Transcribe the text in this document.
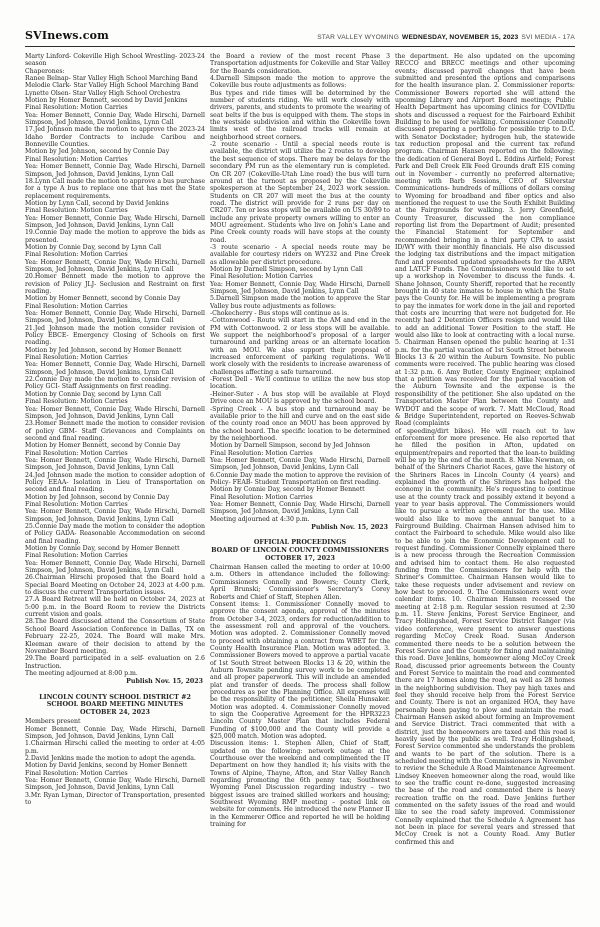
SVInews.com	STAR VALLEY WYOMING WEDNESDAY, NOVEMBER 15, 2023 SVI MEDIA - 17A

Marty Linford- Cokeville High School Wrestling- 2023-24 season

Chaperones:

Ranee Belnap- Star Valley High School Marching Band

Melodie Clark- Star Valley High School Marching Band

Lynette Olsen- Star Valley High School Orchestra

Motion by Homer Bennett, second by David Jenkins

Final Resolution: Motion Carries

Yea: Homer Bennett, Connie Day, Wade Hirschi, Darnell Simpson, Jed Johnson, David Jenkins, Lynn Call

17.Jed Johnson made the motion to approve the 2023-24 Idaho Border Contracts to include Caribou and Bonneville Counties.

Motion by Jed Johnson, second by Connie Day

Final Resolution: Motion Carries

Yea: Homer Bennett, Connie Day, Wade Hirschi, Darnell Simpson, Jed Johnson, David Jenkins, Lynn Call

18.Lynn Call made the motion to approve a bus purchase for a type A bus to replace one that has met the State replacement requirements.

Motion by Lynn Call, second by David Jenkins

Final Resolution: Motion Carries

Yea: Homer Bennett, Connie Day, Wade Hirschi, Darnell Simpson, Jed Johnson, David Jenkins, Lynn Call

19.Connie Day made the motion to approve the bids as presented.

Motion by Connie Day, second by Lynn Call

Final Resolution: Motion Carries

Yea: Homer Bennett, Connie Day, Wade Hirschi, Darnell Simpson, Jed Johnson, David Jenkins, Lynn Call

20.Homer Bennett made the motion to approve the revision of Policy JLJ- Seclusion and Restraint on first reading.

Motion by Homer Bennett, second by Connie Day

Final Resolution: Motion Carries

Yea: Homer Bennett, Connie Day, Wade Hirschi, Darnell Simpson, Jed Johnson, David Jenkins, Lynn Call

21.Jed Johnson made the motion consider revision of Policy EBCE- Emergency Closing of Schools on first reading.

Motion by Jed Johnson, second by Homer Bennett

Final Resolution: Motion Carries

Yea: Homer Bennett, Connie Day, Wade Hirschi, Darnell Simpson, Jed Johnson, David Jenkins, Lynn Call

22.Connie Day made the motion to consider revision of Policy GCI- Staff Assignments on first reading.

Motion by Connie Day, second by Lynn Call

Final Resolution: Motion Carries

Yea: Homer Bennett, Connie Day, Wade Hirschi, Darnell Simpson, Jed Johnson, David Jenkins, Lynn Call

23.Homer Bennett made the motion to consider revision of policy GBM- Staff Grievances and Complaints on second and final reading.

Motion by Homer Bennett, second by Connie Day

Final Resolution: Motion Carries

Yea: Homer Bennett, Connie Day, Wade Hirschi, Darnell Simpson, Jed Johnson, David Jenkins, Lynn Call

24.Jed Johnson made the motion to consider adoption of Policy EEAA- Isolation in Lieu of Transportation on second and final reading.

Motion by Jed Johnson, second by Connie Day

Final Resolution: Motion Carries

Yea: Homer Bennett, Connie Day, Wade Hirschi, Darnell Simpson, Jed Johnson, David Jenkins, Lynn Call

25.Connie Day made the motion to consider the adoption of Policy GADA- Reasonable Accommodation on second and final reading.

Motion by Connie Day, second by Homer Bennett

Final Resolution: Motion Carries

Yea: Homer Bennett, Connie Day, Wade Hirschi, Darnell Simpson, Jed Johnson, David Jenkins, Lynn Call

26.Chairman Hirschi proposed that the Board hold a Special Board Meeting on October 24, 2023 at 4:00 p.m. to discuss the current Transportation issues.

27.A Board Retreat will be held on October 24, 2023 at 5:00 p.m. in the Board Room to review the Districts current vision and goals.

28.The Board discussed attend the Consortium of State School Board Association Conference in Dallas, TX on February 22-25, 2024. The Board will make Mrs. Kleeman aware of their decision to attend by the November Board meeting.

29.The Board participated in a self- evaluation on 2.6 Instruction.

The meeting adjourned at 8:00 p.m.

Publish Nov. 15, 2023

LINCOLN COUNTY SCHOOL DISTRICT #2
SCHOOL BOARD MEETING MINUTES
OCTOBER 24, 2023

Members present

Homer Bennett, Connie Day, Wade Hirschi, Darnell Simpson, Jed Johnson, David Jenkins, Lynn Call

1.Chairman Hirschi called the meeting to order at 4:05 p.m.

2.David Jenkins made the motion to adopt the agenda.

Motion by David Jenkins, second by Homer Bennett

Final Resolution: Motion Carries

Yea: Homer Bennett, Connie Day, Wade Hirschi, Darnell Simpson, Jed Johnson, David Jenkins, Lynn Call

3.Mr. Ryan Lyman, Director of Transportation, presented to

the Board a review of the most recent Phase 3 Transportation adjustments for Cokeville and Star Valley for the Boards consideration.

4.Darnell Simpson made the motion to approve the Cokeville bus route adjustments as follows:

Bus types and ride times will be determined by the number of students riding. We will work closely with drivers, parents, and students to promote the wearing of seat belts if the bus is equipped with them. The stops in the westside subdivision and within the Cokeville town limits west of the railroad tracks will remain at neighborhood street corners.

-2 route scenario - Until a special needs route is available, the district will utilize the 2 routes to develop the best sequence of stops. There may be delays for the secondary PM run as the elementary run is completed. On CR 207 (Cokeville-Utah Line road) the bus will turn around at the turnout as proposed by the Cokeville spokesperson at the September 24, 2023 work session. Students on CR 207 will meet the bus at the county road. The district will provide for 2 runs per day on CR207. Ten or less stops will be available on US 30/89 to include any private property owners willing to enter an MOU agreement. Students who live on John's Lane and Pine Creek county roads will have stops at the county road.

-3 route scenario - A special needs route may be available for courtesy riders on WY232 and Pine Creek as allowable per district procedure.

Motion by Darnell Simpson, second by Lynn Call

Final Resolution: Motion Carries

Yea: Homer Bennett, Connie Day, Wade Hirschi, Darnell Simpson, Jed Johnson, David Jenkins, Lynn Call

5.Darnell Simpson made the motion to approve the Star Valley bus route adjustments as follows:

-Chokecherry - Bus stops will continue as is.

-Cottonwood - Route will start in the AM and end in the PM with Cottonwood. 2 or less stops will be available. We support the neighborhood's proposal of a larger turnaround and parking areas or an alternate location with an MOU. We also support their proposal of increased enforcement of parking regulations. We'll work closely with the residents to increase awareness of challenges affecting a safe turnaround.

-Forest Dell - We'll continue to utilize the new bus stop location.

-Heiner-Suter - A bus stop will be available at Floyd Drive once an MOU is approved by the school board.

-Spring Creek - A bus stop and turnaround may be available prior to the hill and curve and on the east side of the county road once an MOU has been approved by the school board. The specific location to be determined by the neighborhood.

Motion by Darnell Simpson, second by Jed Johnson

Final Resolution: Motion Carries

Yea: Homer Bennett, Connie Day, Wade Hirschi, Darnell Simpson, Jed Johnson, David Jenkins, Lynn Call

6.Connie Day made the motion to approve the revision of Policy- FEAB- Student Transportation on first reading.

Motion by Connie Day, second by Homer Bennett

Final Resolution: Motion Carries

Yea: Homer Bennett, Connie Day, Wade Hirschi, Darnell Simpson, Jed Johnson, David Jenkins, Lynn Call

Meeting adjourned at 4:30 p.m.

Publish Nov. 15, 2023

OFFICIAL PROCEEDINGS
BOARD OF LINCOLN COUNTY COMMISSIONERS
OCTOBER 17, 2023

Chairman Hansen called the meeting to order at 10:00 a.m. Others in attendance included the following: Commissioners Connelly and Bowers; County Clerk, April Brunski; Commissioner's Secretary's Corey Roberts and Chief of Staff, Stephen Allen.

Consent items: 1. Commissioner Connelly moved to approve the consent agenda, approval of the minutes from October 3-4, 2023, orders for reduction/addition to the assessment roll and approval of the vouchers. Motion was adopted. 2. Commissioner Connelly moved to proceed with obtaining a contract from WBET for the County Health Insurance Plan. Motion was adopted. 3. Commissioner Bowers moved to approve a partial vacate of 1st South Street between Blocks 13 & 20, within the Auburn Townsite pending survey work to be completed and all proper paperwork. This will include an amended plat and transfer of deeds. The process shall follow procedures as per the Planning Office. All expenses will be the responsibility of the petitioner, Sheila Hunsaker. Motion was adopted. 4. Commissioner Connelly moved to sign the Cooperative Agreement for the HPR3223 Lincoln County Master Plan that includes Federal Funding of $100,000 and the County will provide a $25,000 match. Motion was adopted.

Discussion items: 1. Stephen Allen, Chief of Staff, updated on the following: network outage at the Courthouse over the weekend and complimented the IT Department on how they handled it; his visits with the Towns of Alpine, Thayne, Afton, and Star Valley Ranch regarding promoting the 6th penny tax; Southwest Wyoming Panel Discussion regarding industry – two biggest issues are trained skilled workers and housing; Southwest Wyoming RMP meeting – posted link on website for comments. He introduced the new Planner II in the Kemmerer Office and reported he will be holding training for

the department. He also updated on the upcoming RECCO and BRECC meetings and other upcoming events; discussed payroll changes that have been submitted and presented the options and comparisons for the health insurance plan. 2. Commissioner reports: Commissioner Bowers reported she will attend the upcoming Library and Airport Board meetings; Public Health Department has upcoming clinics for COVID/flu shots and discussed a request for the Fairboard Exhibit Building to be used for walking. Commissioner Connolly discussed preparing a portfolio for possible trip to D.C. with Senator Dockstader; hydrogen hub, the statewide tax reduction proposal and the current tax refund program. Chairman Hansen reported on the following: the dedication of General Boyd L. Eddins Airfield; Forest Park and Dell Creek Elk Feed Grounds draft EIS coming out in November - currently no preferred alternative; meeting with Barb Sessions, CEO of Silverstar Communications- hundreds of millions of dollars coming to Wyoming for broadband and fiber optics and also mentioned the request to use the South Exhibit Building at the Fairgrounds for walking. 3. Jerry Greenfield, County Treasurer, discussed the non compliance reporting list from the Department of Audit; presented the Financial Statement for September and recommended bringing in a third party CPA to assist ID/WY with their monthly financials. He also discussed the lodging tax distributions and the impact mitigation fund and presented updated spreadsheets for the ARPA and LATCF Funds. The Commissioners would like to set up a workshop in November to discuss the funds. 4. Shane Johnson, County Sheriff, reported that he recently brought in 40 state inmates to house in which the State pays the County for. He will be implementing a program to pay the inmates for work done in the jail and reported that costs are incurring that were not budgeted for. He recently had 2 Detention Officers resign and would like to add an additional Tower Position to the staff. He would also like to look at contracting with a local nurse. 5. Chairman Hansen opened the public hearing at 1:31 p.m. for the partial vacation of 1st South Street between Blocks 13 & 20 within the Auburn Townsite. No public comments were received. The public hearing was closed at 1:32 p.m. 6. Amy Butler, County Engineer, explained that a petition was received for the partial vacation of the Auburn Townsite and the expense is the responsibility of the petitioner. She also updated on the Transportation Master Plan between the County and WYDOT and the scope of work. 7. Matt McCloud, Road & Bridge Superintendent, reported on Reeves-Schwab Road (complaints

of speeding/dirt bikes). He will reach out to law enforcement for more presence. He also reported that he filled the position in Afton, updated on equipment/repairs and reported that the lean-to building will be up by the end of the month. 8. Mike Newman, on behalf of the Shriners Chariot Races, gave the history of the Shriners Races in Lincoln County (4 years) and explained the growth of the Shriners has helped the economy in the community. He's requesting to continue use at the county track and possibly extend it beyond a year to year basis approval. The Commissioners would like to pursue a written agreement for the use. Mike would also like to move the annual banquet to a Fairground Building. Chairman Hansen advised him to contact the Fairboard to schedule. Mike would also like to be able to join the Economic Development call to request funding. Commissioner Connelly explained there is a new process through the Recreation Commission and advised him to contact them. He also requested funding from the Commissioners for help with the Shriner's Committee. Chairman Hansen would like to take these requests under advisement and review on how best to proceed. 9. The Commissioners went over calendar items. 10. Chairman Hansen recessed the meeting at 2:18 p.m. Regular session resumed at 2:30 p.m. 11. Steve Jenkins, Forest Service Engineer, and Tracy Hollingshead, Forest Service District Ranger (via video conference, were present to answer questions regarding McCoy Creek Road. Susan Anderson commented there needs to be a solution between the Forest Service and the County for fixing and maintaining this road. Dave Jenkins, homeowner along McCoy Creek Road, discussed prior agreements between the County and Forest Service to maintain the road and commented there are 17 homes along the road, as well as 28 homes in the neighboring subdivision. They pay high taxes and feel they should receive help from the Forest Service and County. There is not an organized HOA, they have personally been paying to plow and maintain the road. Chairman Hansen asked about forming an Improvement and Service District. Traci commented that with a district, just the homeowners are taxed and this road is heavily used by the public as well. Tracy Hollingshead, Forest Service commented she understands the problem and wants to be part of the solution. There is a scheduled meeting with the Commissioners in November to review the Schedule A Road Maintenance Agreement. Lindsey Kneeven homeowner along the road, would like to see the traffic count re-done, suggested increasing the base of the road and commented there is heavy recreation traffic on the road. Dave Jenkins further commented on the safety issues of the road and would like to see the road safety improved. Commissioner Connelly explained that the Schedule A Agreement has not been in place for several years and stressed that McCoy Creek is not a County Road. Amy Butler confirmed this and
